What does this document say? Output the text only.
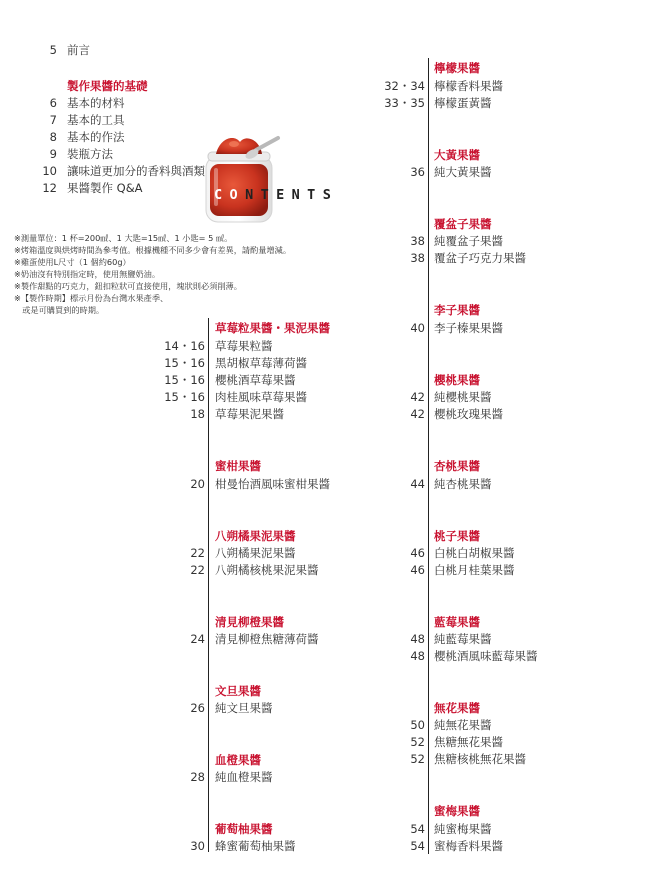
5 前言
製作果醬的基礎
6 基本的材料
7 基本的工具
8 基本的作法
9 裝瓶方法
10 讓味道更加分的香料與酒類
12 果醬製作 Q&A	CONTENTS
※測量單位：1 杯=200㎖、1 大匙=15㎖、1 小匙= 5 ㎖。
※烤箱溫度與烘烤時間為參考值。根據機種不同多少會有差異，請酌量增減。
※雞蛋使用L尺寸（1 個約60g）
※奶油沒有特別指定時，使用無鹽奶油。
※製作甜點的巧克力，鈕扣粒狀可直接使用，塊狀則必須削薄。
※【製作時期】標示月份為台灣水果產季、
　或是可購買到的時期。
草莓粒果醬・果泥果醬
14・16 草莓果粒醬
15・16 黑胡椒草莓薄荷醬
15・16 櫻桃酒草莓果醬
15・16 肉桂風味草莓果醬
18 草莓果泥果醬
蜜柑果醬
20 柑曼怡酒風味蜜柑果醬
八朔橘果泥果醬
22 八朔橘果泥果醬
22 八朔橘核桃果泥果醬
清見柳橙果醬
24 清見柳橙焦糖薄荷醬
文旦果醬
26 純文旦果醬
血橙果醬
28 純血橙果醬
葡萄柚果醬
30 蜂蜜葡萄柚果醬
檸檬果醬
32・34 檸檬香料果醬
33・35 檸檬蛋黃醬
大黃果醬
36 純大黃果醬
覆盆子果醬
38 純覆盆子果醬
38 覆盆子巧克力果醬
李子果醬
40 李子榛果果醬
櫻桃果醬
42 純櫻桃果醬
42 櫻桃玫瑰果醬
杏桃果醬
44 純杏桃果醬
桃子果醬
46 白桃白胡椒果醬
46 白桃月桂葉果醬
藍莓果醬
48 純藍莓果醬
48 櫻桃酒風味藍莓果醬
無花果醬
50 純無花果醬
52 焦糖無花果醬
52 焦糖核桃無花果醬
蜜梅果醬
54 純蜜梅果醬
54 蜜梅香料果醬
